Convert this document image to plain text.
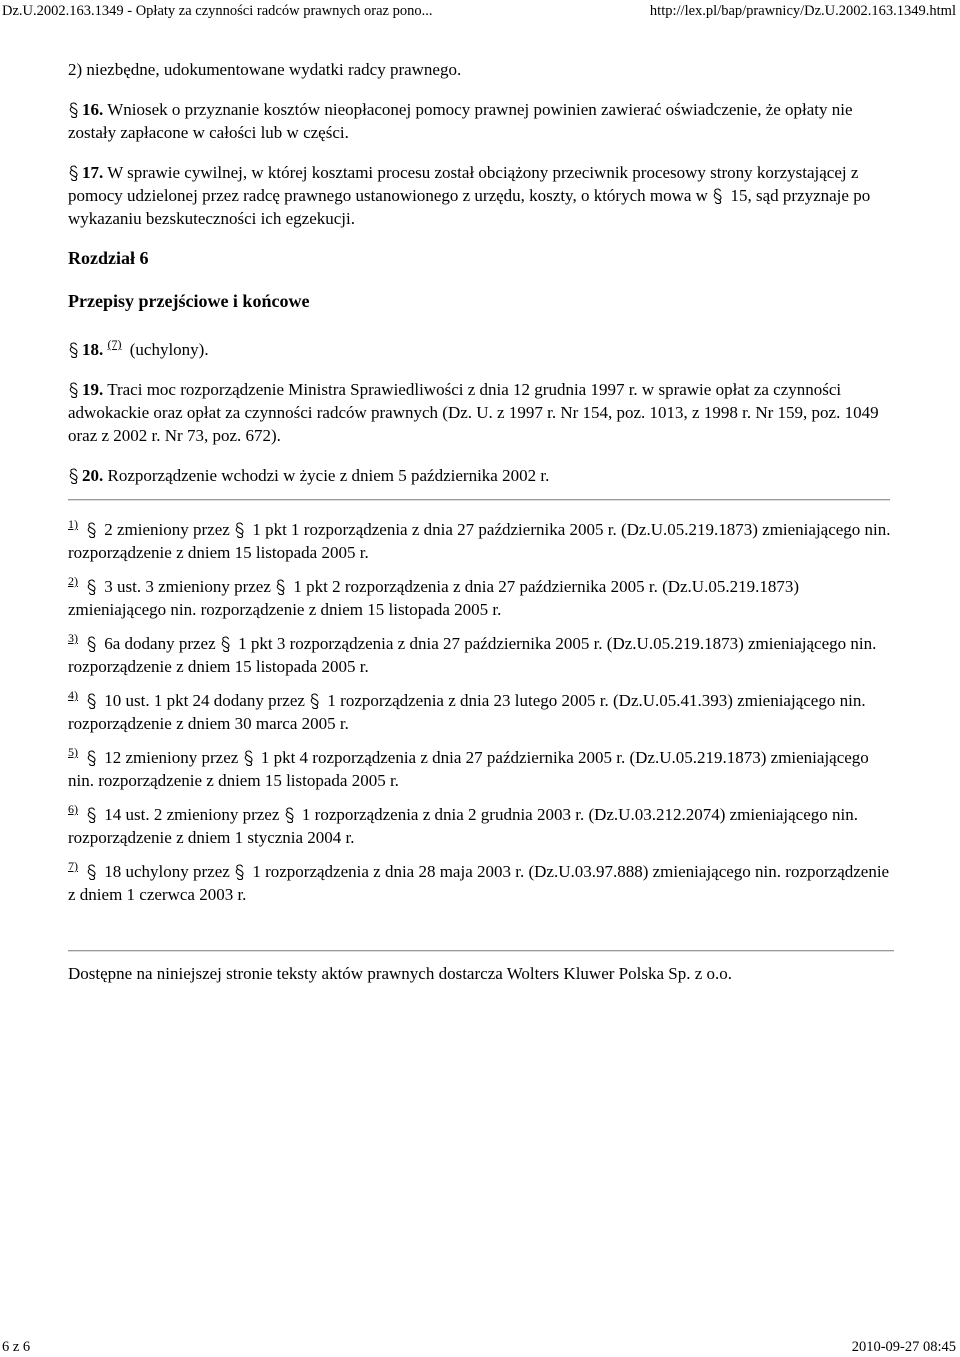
Dz.U.2002.163.1349 - Opłaty za czynności radców prawnych oraz pono...	http://lex.pl/bap/prawnicy/Dz.U.2002.163.1349.html

2) niezbędne, udokumentowane wydatki radcy prawnego.

16. Wniosek o przyznanie kosztów nieopłaconej pomocy prawnej powinien zawierać oświadczenie, że opłaty nie zostały zapłacone w całości lub w części.

17. W sprawie cywilnej, w której kosztami procesu został obciążony przeciwnik procesowy strony korzystającej z pomocy udzielonej przez radcę prawnego ustanowionego z urzędu, koszty, o których mowa w
15, sąd przyznaje po wykazaniu bezskuteczności ich egzekucji.

Rozdział 6

Przepisy przejściowe i końcowe

18. $^{(7)}$ (uchylony).

19. Traci moc rozporządzenie Ministra Sprawiedliwości z dnia 12 grudnia 1997 r. w sprawie opłat za czynności adwokackie oraz opłat za czynności radców prawnych (Dz. U. z 1997 r. Nr 154, poz. 1013, z 1998 r. Nr 159, poz. 1049 oraz z 2002 r. Nr 73, poz. 672).

20. Rozporządzenie wchodzi w życie z dniem 5 października 2002 r.

$^{1)}$
2 zmieniony przez
1 pkt 1 rozporządzenia z dnia 27 października 2005 r. (Dz.U.05.219.1873) zmieniającego nin. rozporządzenie z dniem 15 listopada 2005 r.

$^{2)}$
3 ust. 3 zmieniony przez
1 pkt 2 rozporządzenia z dnia 27 października 2005 r. (Dz.U.05.219.1873) zmieniającego nin. rozporządzenie z dniem 15 listopada 2005 r.

$^{3)}$
6a dodany przez
1 pkt 3 rozporządzenia z dnia 27 października 2005 r. (Dz.U.05.219.1873) zmieniającego nin. rozporządzenie z dniem 15 listopada 2005 r.

$^{4)}$
10 ust. 1 pkt 24 dodany przez
1 rozporządzenia z dnia 23 lutego 2005 r. (Dz.U.05.41.393) zmieniającego nin. rozporządzenie z dniem 30 marca 2005 r.

$^{5)}$
12 zmieniony przez
1 pkt 4 rozporządzenia z dnia 27 października 2005 r. (Dz.U.05.219.1873) zmieniającego nin. rozporządzenie z dniem 15 listopada 2005 r.

$^{6)}$
14 ust. 2 zmieniony przez
1 rozporządzenia z dnia 2 grudnia 2003 r. (Dz.U.03.212.2074) zmieniającego nin. rozporządzenie z dniem 1 stycznia 2004 r.

$^{7)}$
18 uchylony przez
1 rozporządzenia z dnia 28 maja 2003 r. (Dz.U.03.97.888) zmieniającego nin. rozporządzenie z dniem 1 czerwca 2003 r.

Dostępne na niniejszej stronie teksty aktów prawnych dostarcza Wolters Kluwer Polska Sp. z o.o.

6 z 6	2010-09-27 08:45
